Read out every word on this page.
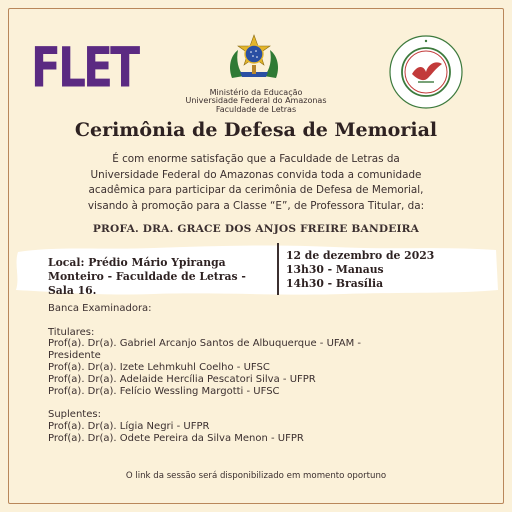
FLET	Ministério da Educação
Universidade Federal do Amazonas
Faculdade de Letras
Cerimônia de Defesa de Memorial
É com enorme satisfação que a Faculdade de Letras da
Universidade Federal do Amazonas convida toda a comunidade
acadêmica para participar da cerimônia de Defesa de Memorial,
visando à promoção para a Classe “E”, de Professora Titular, da:
PROFA. DRA. GRACE DOS ANJOS FREIRE BANDEIRA
Local: Prédio Mário Ypiranga
Monteiro - Faculdade de Letras -
Sala 16.
12 de dezembro de 2023
13h30 - Manaus
14h30 - Brasília
Banca Examinadora:
Titulares:
Prof(a). Dr(a). Gabriel Arcanjo Santos de Albuquerque - UFAM -
Presidente
Prof(a). Dr(a). Izete Lehmkuhl Coelho - UFSC
Prof(a). Dr(a). Adelaide Hercília Pescatori Silva - UFPR
Prof(a). Dr(a). Felício Wessling Margotti - UFSC
Suplentes:
Prof(a). Dr(a). Lígia Negri - UFPR
Prof(a). Dr(a). Odete Pereira da Silva Menon - UFPR
O link da sessão será disponibilizado em momento oportuno
